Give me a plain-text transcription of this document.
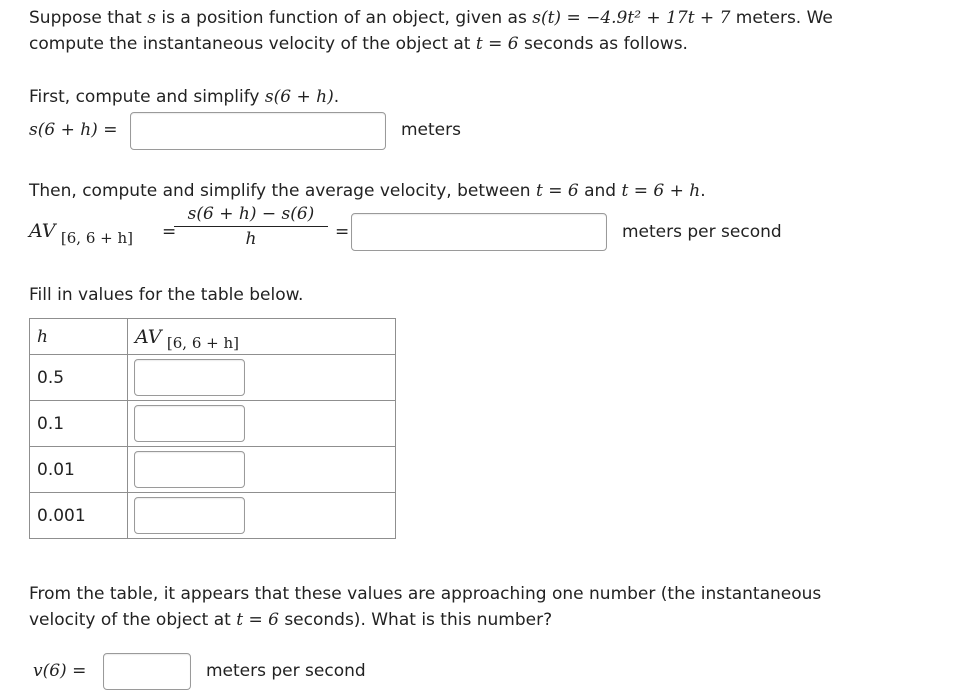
Suppose that s is a position function of an object, given as s(t) = −4.9t² + 17t + 7 meters. We
compute the instantaneous velocity of the object at t = 6 seconds as follows.
First, compute and simplify s(6 + h).
s(6 + h) =	meters
Then, compute and simplify the average velocity, between t = 6 and t = 6 + h.
AV [6, 6 + h] =
$\frac{s(6 + h) - s(6)}{h}$ =	meters per second
Fill in values for the table below.
h	AV [6, 6 + h]
0.5	

0.1	

0.01	

0.001	
From the table, it appears that these values are approaching one number (the instantaneous
velocity of the object at t = 6 seconds). What is this number?
v(6) =	meters per second
